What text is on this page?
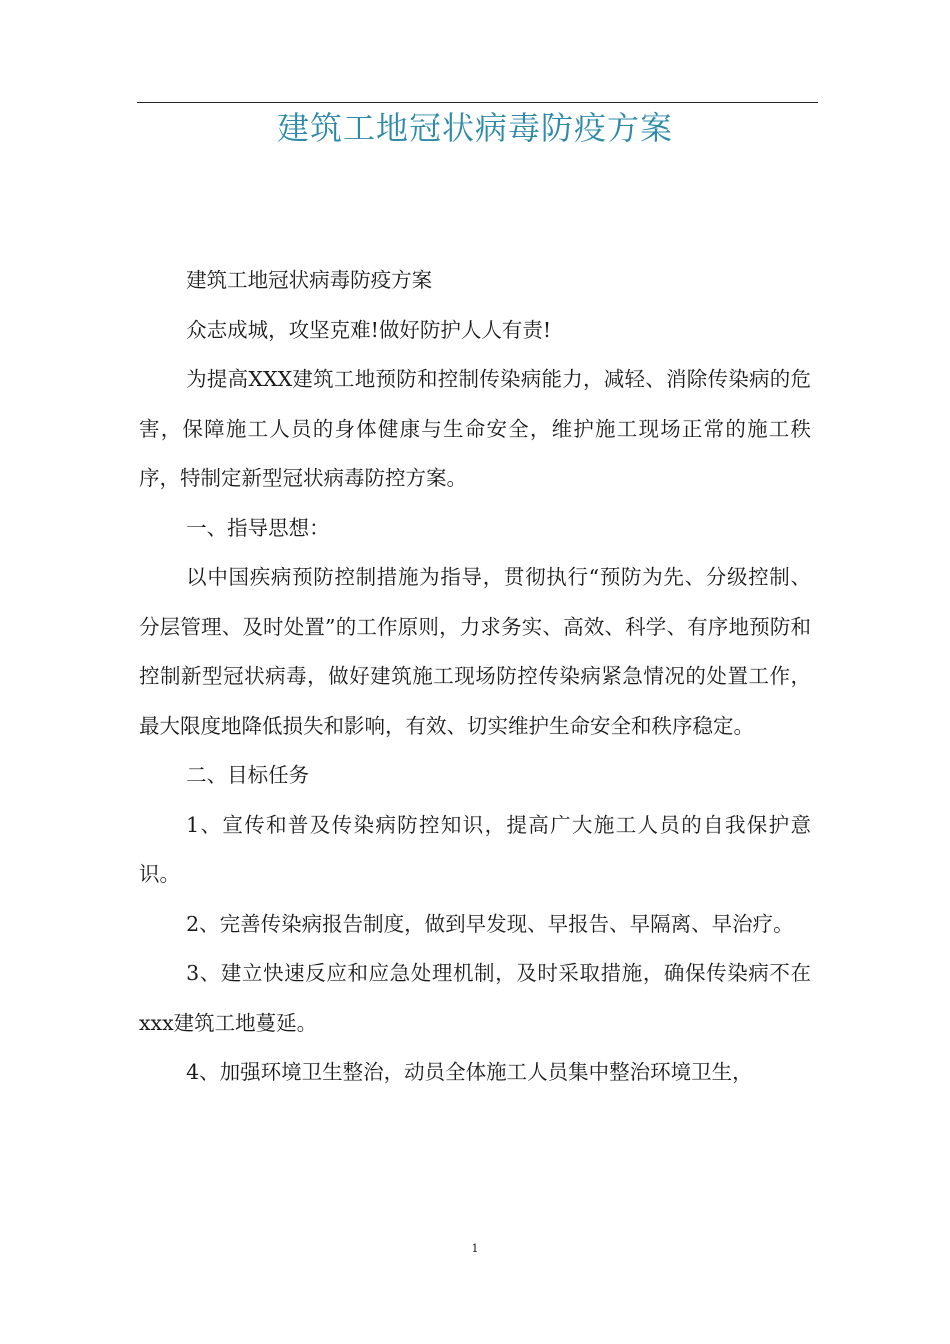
建筑工地冠状病毒防疫方案

建筑工地冠状病毒防疫方案

众志成城，攻坚克难!做好防护人人有责!

为提高XXX建筑工地预防和控制传染病能力，减轻、消除传染病的危害，保障施工人员的身体健康与生命安全，维护施工现场正常的施工秩序，特制定新型冠状病毒防控方案。

一、指导思想：

以中国疾病预防控制措施为指导，贯彻执行“预防为先、分级控制、分层管理、及时处置”的工作原则，力求务实、高效、科学、有序地预防和控制新型冠状病毒，做好建筑施工现场防控传染病紧急情况的处置工作，最大限度地降低损失和影响，有效、切实维护生命安全和秩序稳定。

二、目标任务

1、宣传和普及传染病防控知识，提高广大施工人员的自我保护意识。

2、完善传染病报告制度，做到早发现、早报告、早隔离、早治疗。

3、建立快速反应和应急处理机制，及时采取措施，确保传染病不在xxx建筑工地蔓延。

4、加强环境卫生整治，动员全体施工人员集中整治环境卫生，

1
